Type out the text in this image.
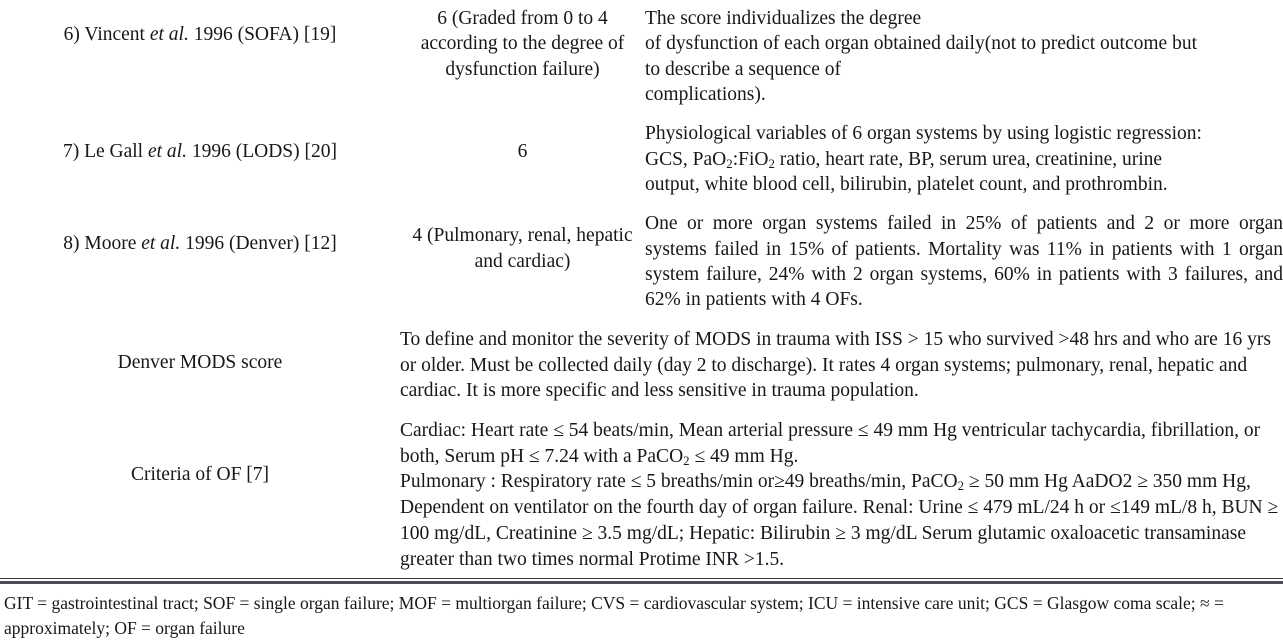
6) Vincent et al. 1996 (SOFA) [19]	6 (Graded from 0 to 4 according to the degree of dysfunction failure)	The score individualizes the degree
of dysfunction of each organ obtained daily(not to predict outcome but
to describe a sequence of
complications).

7) Le Gall et al. 1996 (LODS) [20]	6	Physiological variables of 6 organ systems by using logistic regression:
GCS, PaO$_2$:FiO$_2$ ratio, heart rate, BP, serum urea, creatinine, urine
output, white blood cell, bilirubin, platelet count, and prothrombin.

8) Moore et al. 1996 (Denver) [12]	4 (Pulmonary, renal, hepatic and cardiac)	One or more organ systems failed in 25% of patients and 2 or more organ systems failed in 15% of patients. Mortality was 11% in patients with 1 organ system failure, 24% with 2 organ systems, 60% in patients with 3 failures, and 62% in patients with 4 OFs.
Denver MODS score	To define and monitor the severity of MODS in trauma with ISS > 15 who survived >48 hrs and who are 16 yrs or older. Must be collected daily (day 2 to discharge). It rates 4 organ systems; pulmonary, renal, hepatic and cardiac. It is more specific and less sensitive in trauma population.	
Criteria of OF [7]	Cardiac: Heart rate ≤ 54 beats/min, Mean arterial pressure ≤ 49 mm Hg ventricular tachycardia, fibrillation, or both, Serum pH ≤ 7.24 with a PaCO$_2$ ≤ 49 mm Hg.
Pulmonary : Respiratory rate ≤ 5 breaths/min or≥49 breaths/min, PaCO$_2$ ≥ 50 mm Hg AaDO2 ≥ 350 mm Hg, Dependent on ventilator on the fourth day of organ failure. Renal: Urine ≤ 479 mL/24 h or ≤149 mL/8 h, BUN ≥ 100 mg/dL, Creatinine ≥ 3.5 mg/dL; Hepatic: Bilirubin ≥ 3 mg/dL Serum glutamic oxaloacetic transaminase greater than two times normal Protime INR >1.5.	
GIT = gastrointestinal tract; SOF = single organ failure; MOF = multiorgan failure; CVS = cardiovascular system; ICU = intensive care unit; GCS = Glasgow coma scale; ≈ = approximately; OF = organ failure
